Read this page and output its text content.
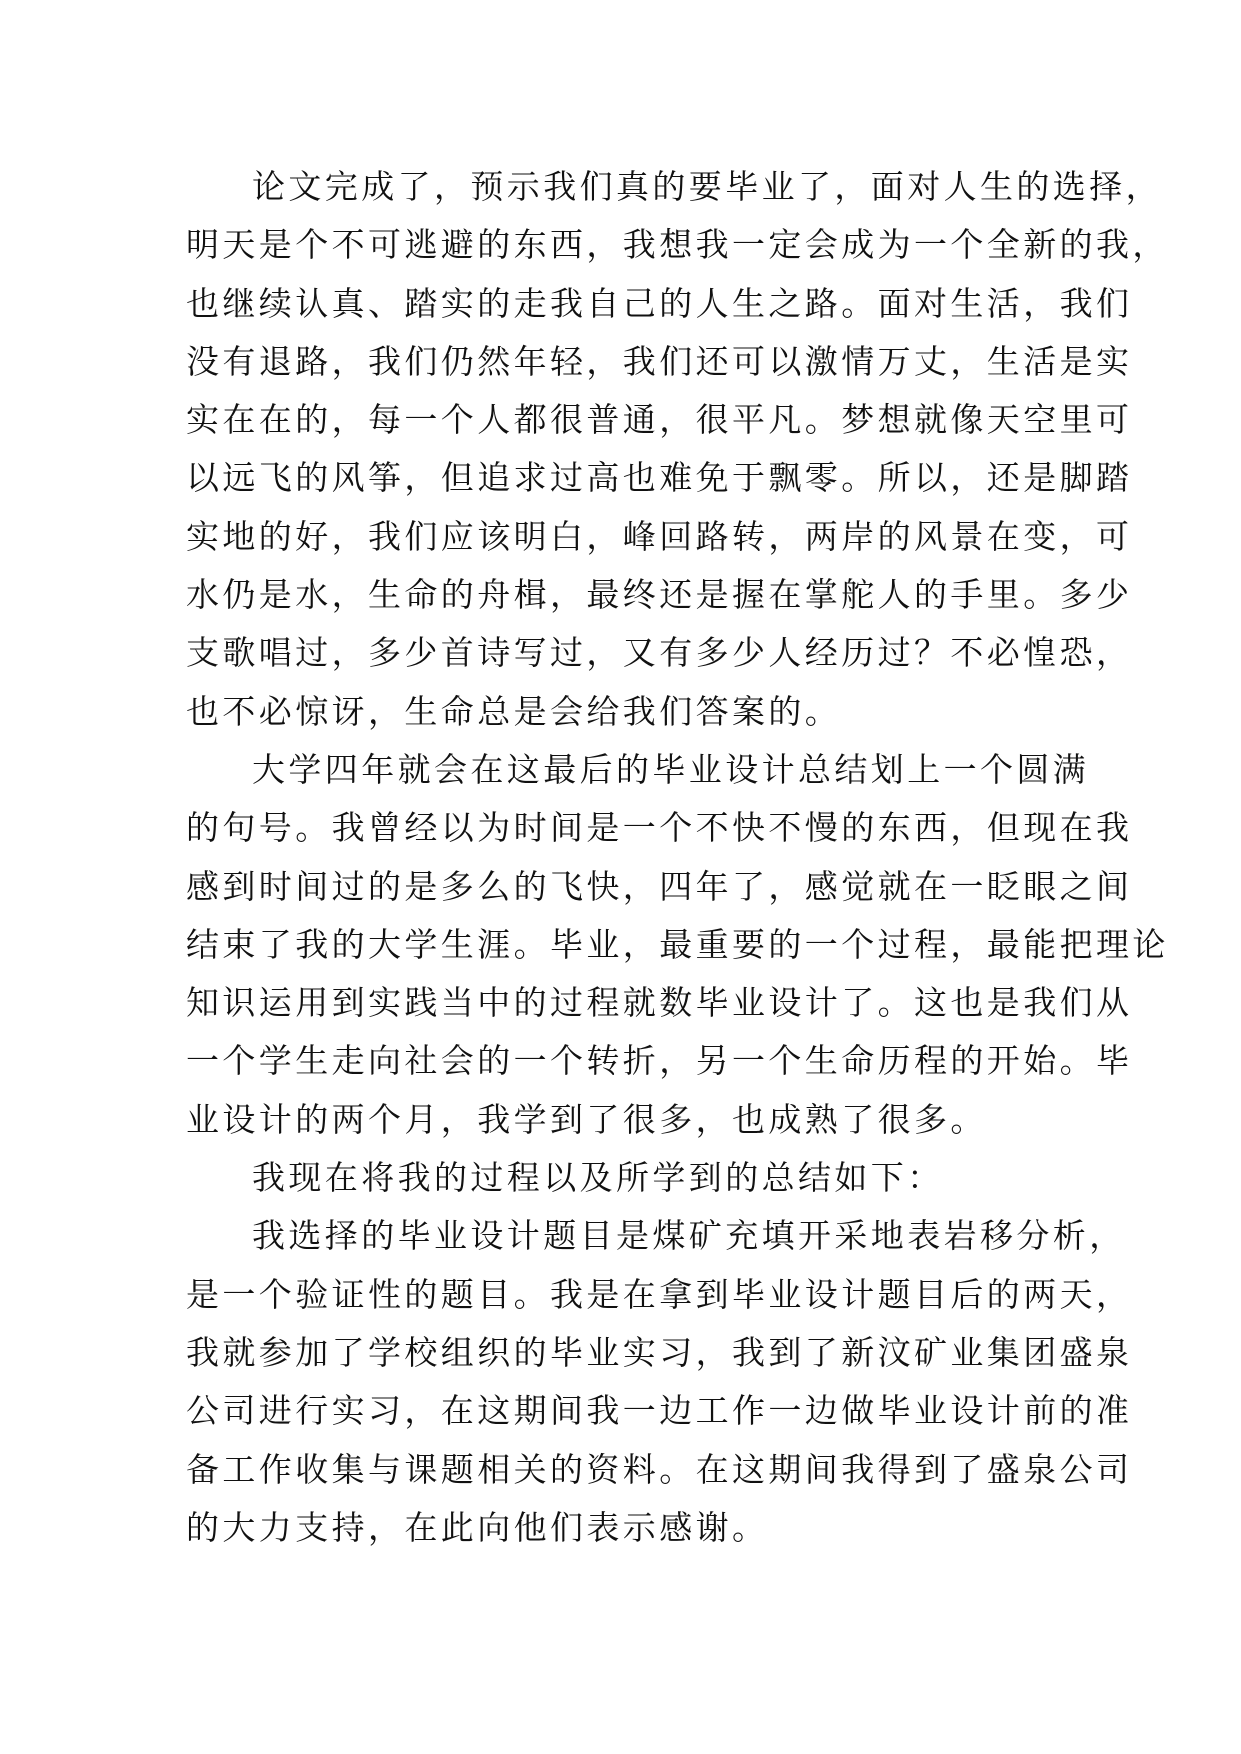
论文完成了，预示我们真的要毕业了，面对人生的选择，
明天是个不可逃避的东西，我想我一定会成为一个全新的我，
也继续认真、踏实的走我自己的人生之路。面对生活，我们
没有退路，我们仍然年轻，我们还可以激情万丈，生活是实
实在在的，每一个人都很普通，很平凡。梦想就像天空里可
以远飞的风筝，但追求过高也难免于飘零。所以，还是脚踏
实地的好，我们应该明白，峰回路转，两岸的风景在变，可
水仍是水，生命的舟楫，最终还是握在掌舵人的手里。多少
支歌唱过，多少首诗写过，又有多少人经历过？不必惶恐，
也不必惊讶，生命总是会给我们答案的。

大学四年就会在这最后的毕业设计总结划上一个圆满
的句号。我曾经以为时间是一个不快不慢的东西，但现在我
感到时间过的是多么的飞快，四年了，感觉就在一眨眼之间
结束了我的大学生涯。毕业，最重要的一个过程，最能把理论
知识运用到实践当中的过程就数毕业设计了。这也是我们从
一个学生走向社会的一个转折，另一个生命历程的开始。毕
业设计的两个月，我学到了很多，也成熟了很多。

我现在将我的过程以及所学到的总结如下：

我选择的毕业设计题目是煤矿充填开采地表岩移分析，
是一个验证性的题目。我是在拿到毕业设计题目后的两天，
我就参加了学校组织的毕业实习，我到了新汶矿业集团盛泉
公司进行实习，在这期间我一边工作一边做毕业设计前的准
备工作收集与课题相关的资料。在这期间我得到了盛泉公司
的大力支持，在此向他们表示感谢。
